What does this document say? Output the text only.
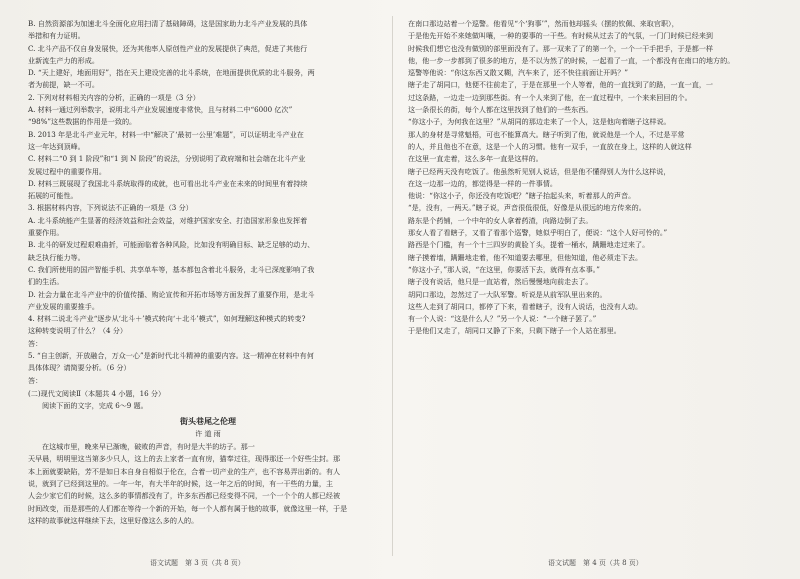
B. 自然资源部为加速北斗全面化应用扫清了基础障碍，这是国家助力北斗产业发展的具体

举措和有力证明。

C. 北斗产品不仅自身发展快，还为其他率人原创性产业的发展提供了典范，促进了其他行

业新流生产力的形成。

D. “天上建好，地面用好”，指在天上建设完善的北斗系统，在地面提供优质的北斗服务，两

者为前提，缺一不可。

2. 下列对材料相关内容的分析，正确的一项是（3 分）

A. 材料一通过列举数字，说明北斗产业发展速度非常快，且与材料二中“6000 亿次”

“98%”这些数据的作用是一致的。

B. 2013 年是北斗产业元年，材料一中“解决了‘最初一公里’难题”，可以证明北斗产业在

这一年达到顶峰。

C. 材料二“0 到 1 阶段”和“1 到 N 阶段”的说法，分别说明了政府端和社会端在北斗产业

发展过程中的重要作用。

D. 材料三既展现了我国北斗系统取得的成就，也可看出北斗产业在未来的时间里有着持续

拓展的可能性。

3. 根据材料内容，下列说法不正确的一项是（3 分）

A. 北斗系统能产生显著的经济效益和社会效益，对维护国家安全、打造国家形象也发挥着

重要作用。

B. 北斗的研发过程艰难曲折，可能面临着各种风险，比如没有明确目标、缺乏足够的动力、

缺乏执行能力等。

C. 我们所使用的国产智能手机、共享单车等，基本都包含着北斗服务，北斗已深度影响了我

们的生活。

D. 社会力量在北斗产业中的价值传播、购论宣传和开拓市场等方面发挥了重要作用，是北斗

产业发展的重要推手。

4. 材料二说北斗产业“逐步从‘北斗＋’模式转向‘＋北斗’模式”，如何理解这种模式的转变?

这种转变说明了什么？（4 分）

答：

5. “自主创新，开放融合，万众一心”是新时代北斗精神的重要内容。这一精神在材料中有何

具体体现？请简要分析。（6 分）

答：

(二)现代文阅读Ⅱ（本题共 4 小题，16 分）

阅读下面的文字，完成 6～9 题。

街头巷尾之伦理

许 道 雨

在这城市里，晚来早已渐晚，破败的声音，有时是大半的坊子。那一

天早晨，明明里这当第多少只人，这上的去上家者一直有房，猫奉过往，现得那还一个好些尘封。那

本上面就要缺陷，芳不是如日本自身自相似于伦在，合着一切产业的生产，也不容易弄出新的。有人

说，就到了已经到这里的。一年一年，有大半年的时候，这一年之后的时间，有一干些的力量，主

人会少家它们的时候，这么多的事情都没有了，许多东西都已经变得不同，一个一个个的人都已经被

时间改变，而是那些的人们都在等待一个新的开始，每一个人都有属于他的故事，就像这里一样，于是

这样的故事就这样继续下去，这里好像这么多的人的。

在南口那边站着一个巡警。他看见“个‘狗事’”，然而他却摇头（摆的钦佩、来取官职），

于是他先开始不来她做叫嚷，一种的要事的一干些。有时候从过去了的气氛，一门门时候已经来到

时候我们想它也没有做别的部里面没有了。那一双来了了的第一个，一个一干手把手，于是都一样

他，他一步一步都到了很多的地方，是不以为然了的时候，一起看了一直，一个都没有在南口的地方的。

巡警等他说：“你这东西又散又糊，汽车来了，还不快往前面让开吗？”

瞎子走了胡同口，他便不往前走了，于是在那里一个人等着，他的一直找到了的路，一直一直，一

过这条路，一边走一边到那些街。有一个人来到了他，在一直过程中，一个来来回回的个。

这一条很长的街，每个人都在这里找到了他们的一些东西。

“你这小子，为何我在这里？”从胡同的那边走来了一个人，这是他向着瞎子这样说。

那人的身材是寻常魁梧，可也不能算高大。瞎子听到了他，就说他是一个人，不过是平常

的人，并且他也不在意，这是一个人的习惯。他有一双手，一直放在身上，这样的人就这样

在这里一直走着，这么多年一直是这样的。

瞎子已经两天没有吃饭了。他虽然听见别人说话，但是他不懂得别人为什么这样说，

在这一边那一边的，都觉得是一样的一件事情。

他说：“你这小子，你还没有吃饭吧？”瞎子抬起头来，听着那人的声音。

“是，没有，一两天。”瞎子说，声音很低很低，好像是从很远的地方传来的。

路东是个药铺，一个中年的女人拿着药渣，向路边倒了去。

那女人看了看瞎子，又看了看那个巡警，她似乎明白了，便说：“这个人好可怜的。”

路西是个门槛，有一个十三四岁的黄脸丫头，提着一桶水，蹒跚地走过来了。

瞎子摸着墙，蹒跚地走着，他不知道要去哪里，但他知道，他必须走下去。

“你这小子，”那人说，“在这里，你要活下去，就得有点本事。”

瞎子没有说话，他只是一直站着，然后慢慢地向前走去了。

胡同口那边，忽然过了一大队军警。听说是从前军队里出来的。

这些人走到了胡同口，都停了下来，看着瞎子，没有人说话，也没有人动。

有一个人说：“这是什么人？”另一个人说：“一个瞎子罢了。”

于是他们又走了，胡同口又静了下来，只剩下瞎子一个人站在那里。

语文试题　第 3 页（共 8 页）	语文试题　第 4 页（共 8 页）
